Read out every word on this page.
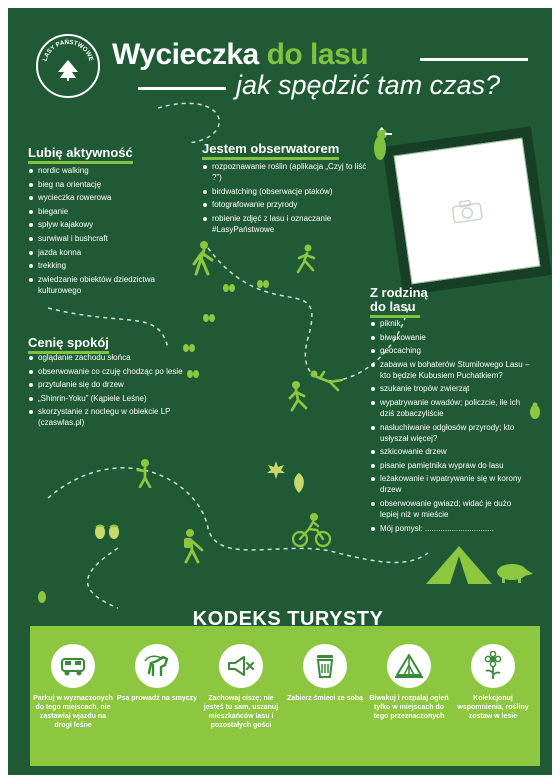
LASY PAŃSTWOWE Wycieczka do lasu
jak spędzić tam czas?
Lubię aktywność
nordic walking
bieg na orientację
wycieczka rowerowa
bieganie
spływ kajakowy
surwiwal i bushcraft
jazda konna
trekking
zwiedzanie obiektów dziedzictwa kulturowego
Jestem obserwatorem
rozpoznawanie roślin (aplikacja „Czyj to liść ?”)
birdwatching (obserwacje ptaków)
fotografowanie przyrody
robienie zdjęć z lasu i oznaczanie #LasyPaństwowe
Cenię spokój
oglądanie zachodu słońca
obserwowanie co czuję chodząc po lesie
przytulanie się do drzew
„Shinrin-Yoku” (Kąpiele Leśne)
skorzystanie z noclegu w obiekcie LP (czaswlas.pl)
Z rodziną
do lasu
piknik
biwakowanie
geocaching
zabawa w bohaterów Stumilowego Lasu – kto będzie Kubusiem Puchatkiem?
szukanie tropów zwierząt
wypatrywanie owadów; policzcie, ile ich dziś zobaczyliście
nasłuchiwanie odgłosów przyrody; kto usłyszał więcej?
szkicowanie drzew
pisanie pamiętnika wypraw do lasu
leżakowanie i wpatrywanie się w korony drzew
obserwowanie gwiazd; widać je dużo lepiej niż w mieście
Mój pomysł: ...............................
KODEKS TURYSTY
Parkuj w wyznaczonych do tego miejscach, nie zastawiaj wjazdu na drogi leśne
Psa prowadź na smyczy	Zachowaj ciszę; nie jesteś tu sam, uszanuj mieszkańców lasu i pozostałych gości
Zabierz śmieci ze sobą Biwakuj i rozpalaj ogień tylko w miejscach do tego przeznaczonych
Kolekcjonuj wspomnienia, rośliny zostaw w lesie
